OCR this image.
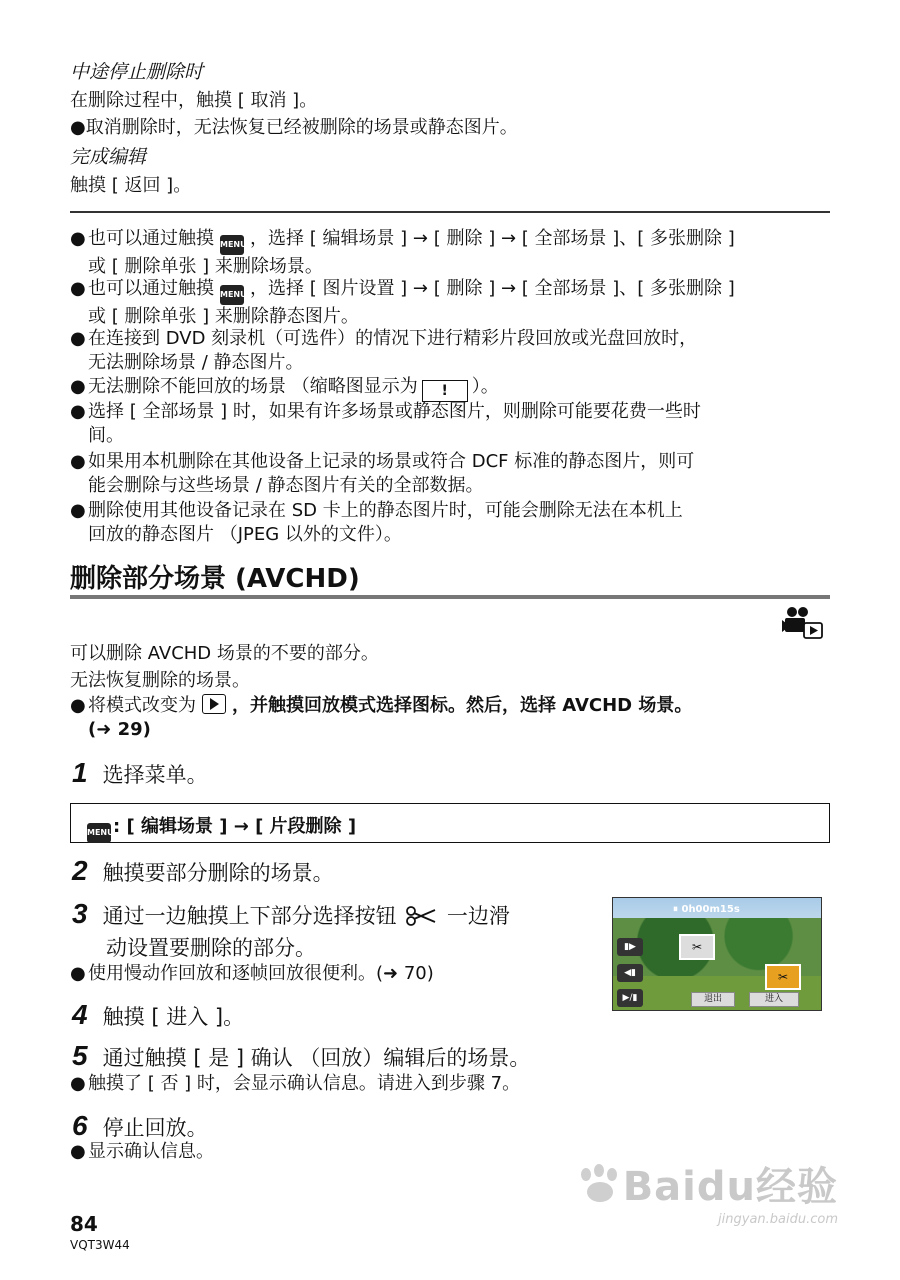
中途停止删除时
在删除过程中，触摸 [ 取消 ]。
●取消删除时，无法恢复已经被删除的场景或静态图片。
完成编辑
触摸 [ 返回 ]。
● 也可以通过触摸 MENU ，选择 [ 编辑场景 ] → [ 删除 ] → [ 全部场景 ]、[ 多张删除 ]
或 [ 删除单张 ] 来删除场景。
● 也可以通过触摸 MENU ，选择 [ 图片设置 ] → [ 删除 ] → [ 全部场景 ]、[ 多张删除 ]
或 [ 删除单张 ] 来删除静态图片。
● 在连接到 DVD 刻录机（可选件）的情况下进行精彩片段回放或光盘回放时，
无法删除场景 / 静态图片。
● 无法删除不能回放的场景 （缩略图显示为 ! ）。
● 选择 [ 全部场景 ] 时，如果有许多场景或静态图片，则删除可能要花费一些时
间。
● 如果用本机删除在其他设备上记录的场景或符合 DCF 标准的静态图片，则可
能会删除与这些场景 / 静态图片有关的全部数据。
● 删除使用其他设备记录在 SD 卡上的静态图片时，可能会删除无法在本机上
回放的静态图片 （JPEG 以外的文件）。
删除部分场景 (AVCHD)
可以删除 AVCHD 场景的不要的部分。
无法恢复删除的场景。
● 将模式改变为 ，并触摸回放模式选择图标。然后，选择 AVCHD 场景。
(➜ 29)
1 选择菜单。
MENU: [ 编辑场景 ] → [ 片段删除 ]
2 触摸要部分删除的场景。
3 通过一边触摸上下部分选择按钮 一边滑
动设置要删除的部分。
● 使用慢动作回放和逐帧回放很便利。(➜ 70)
⏸ 0h00m15s
▮▶
◀▮
▶/▮
✂
✂
退出	进入
4 触摸 [ 进入 ]。
5 通过触摸 [ 是 ] 确认 （回放）编辑后的场景。
● 触摸了 [ 否 ] 时，会显示确认信息。请进入到步骤 7。
6 停止回放。
● 显示确认信息。
84
VQT3W44
Baidu经验
jingyan.baidu.com
